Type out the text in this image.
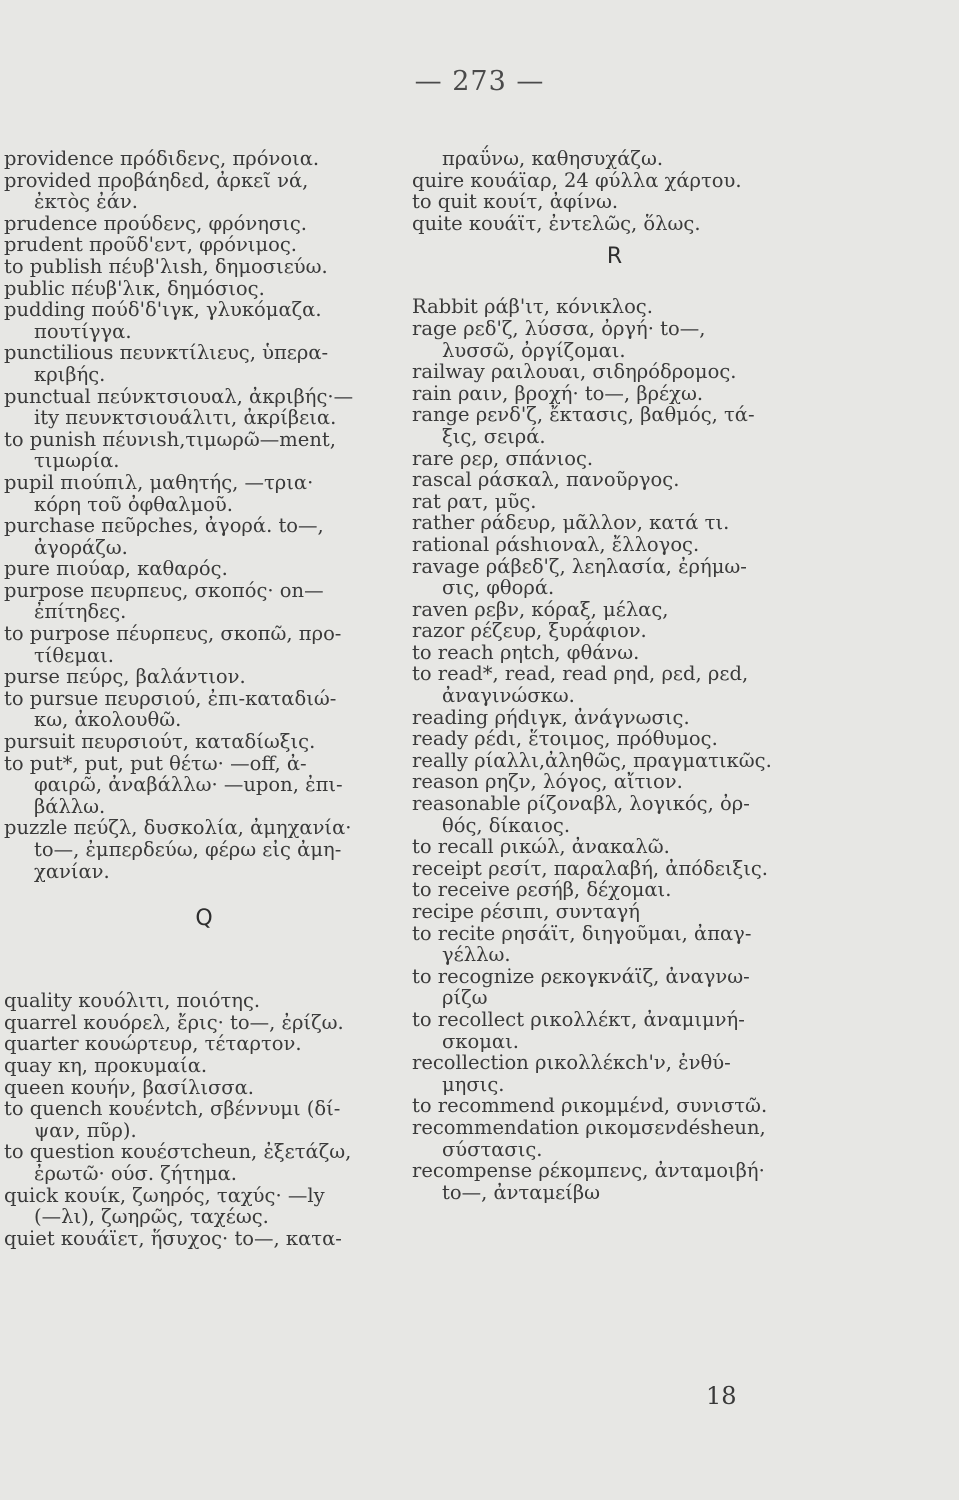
— 273 —
providence πρόδιδενς, πρόνοια.
provided προβάηδεd, ἀρκεῖ νά,
ἐκτὸς ἐάν.
prudence προύδενς, φρόνησις.
prudent προῦδ'εντ, φρόνιμος.
to publish πέυβ'λιsh, δημοσιεύω.
public πέυβ'λικ, δημόσιος.
pudding πούδ'δ'ιγκ, γλυκόμαζα.
πουτίγγα.
punctilious πευνκτίλιευς, ὑπερα-
κριβής.
punctual πεύνκτσιουαλ, ἀκριβής·—
ity πευνκτσιουάλιτι, ἀκρίβεια.
to punish πέυνιsh,τιμωρῶ—ment,
τιμωρία.
pupil πιούπιλ, μαθητής, —τρια·
κόρη τοῦ ὀφθαλμοῦ.
purchase πεῦρches, ἀγορά. to—,
ἀγοράζω.
pure πιούαρ, καθαρός.
purpose πευρπευς, σκοπός· on—
ἐπίτηδες.
to purpose πέυρπευς, σκοπῶ, προ-
τίθεμαι.
purse πεύρς, βαλάντιον.
to pursue πευρσιού, ἐπι-καταδιώ-
κω, ἀκολουθῶ.
pursuit πευρσιούτ, καταδίωξις.
to put*, put, put θέτω· —off, ἀ-
φαιρῶ, ἀναβάλλω· —upon, ἐπι-
βάλλω.
puzzle πεύζλ, δυσκολία, ἀμηχανία·
to—, ἐμπερδεύω, φέρω εἰς ἀμη-
χανίαν.
Q
quality κουόλιτι, ποιότης.
quarrel κουόρελ, ἔρις· to—, ἐρίζω.
quarter κουώρτευρ, τέταρτον.
quay κη, προκυμαία.
queen κουήν, βασίλισσα.
to quench κουένtch, σβέννυμι (δί-
ψαν, πῦρ).
to question κουέστcheun, ἐξετάζω,
ἐρωτῶ· ούσ. ζήτημα.
quick κουίκ, ζωηρός, ταχύς· —ly
(—λι), ζωηρῶς, ταχέως.
quiet κουάϊετ, ἥσυχος· to—, κατα-
πραΰνω, καθησυχάζω.
quire κουάϊαρ, 24 φύλλα χάρτου.
to quit κουίτ, ἀφίνω.
quite κουάϊτ, ἐντελῶς, ὅλως.
R
Rabbit ράβ'ιτ, κόνικλος.
rage ρεδ'ζ, λύσσα, ὀργή· to—,
λυσσῶ, ὀργίζομαι.
railway ραιλουαι, σιδηρόδρομος.
rain ραιν, βροχή· to—, βρέχω.
range ρενδ'ζ, ἔκτασις, βαθμός, τά-
ξις, σειρά.
rare ρερ, σπάνιος.
rascal ράσκαλ, πανοῦργος.
rat ρατ, μῦς.
rather ράδευρ, μᾶλλον, κατά τι.
rational ράshιοναλ, ἔλλογος.
ravage ράβεδ'ζ, λεηλασία, ἐρήμω-
σις, φθορά.
raven ρεβν, κόραξ, μέλας,
razor ρέζευρ, ξυράφιον.
to reach ρηtch, φθάνω.
to read*, read, read ρηd, ρεd, ρεd,
ἀναγινώσκω.
reading ρήdιγκ, ἀνάγνωσις.
ready ρέdι, ἕτοιμος, πρόθυμος.
really ρίαλλι,ἀληθῶς, πραγματικῶς.
reason ρηζν, λόγος, αἴτιον.
reasonable ρίζοναβλ, λογικός, ὀρ-
θός, δίκαιος.
to recall ρικώλ, ἀνακαλῶ.
receipt ρεσίτ, παραλαβή, ἀπόδειξις.
to receive ρεσήβ, δέχομαι.
recipe ρέσιπι, συνταγή
to recite ρησάϊτ, διηγοῦμαι, ἀπαγ-
γέλλω.
to recognize ρεκογκνάϊζ, ἀναγνω-
ρίζω
to recollect ρικολλέκτ, ἀναμιμνή-
σκομαι.
recollection ρικολλέκch'ν, ἐνθύ-
μησις.
to recommend ρικομμένd, συνιστῶ.
recommendation ρικομσενdésheun,
σύστασις.
recompense ρέκομπενς, ἀνταμοιβή·
to—, ἀνταμείβω
18
